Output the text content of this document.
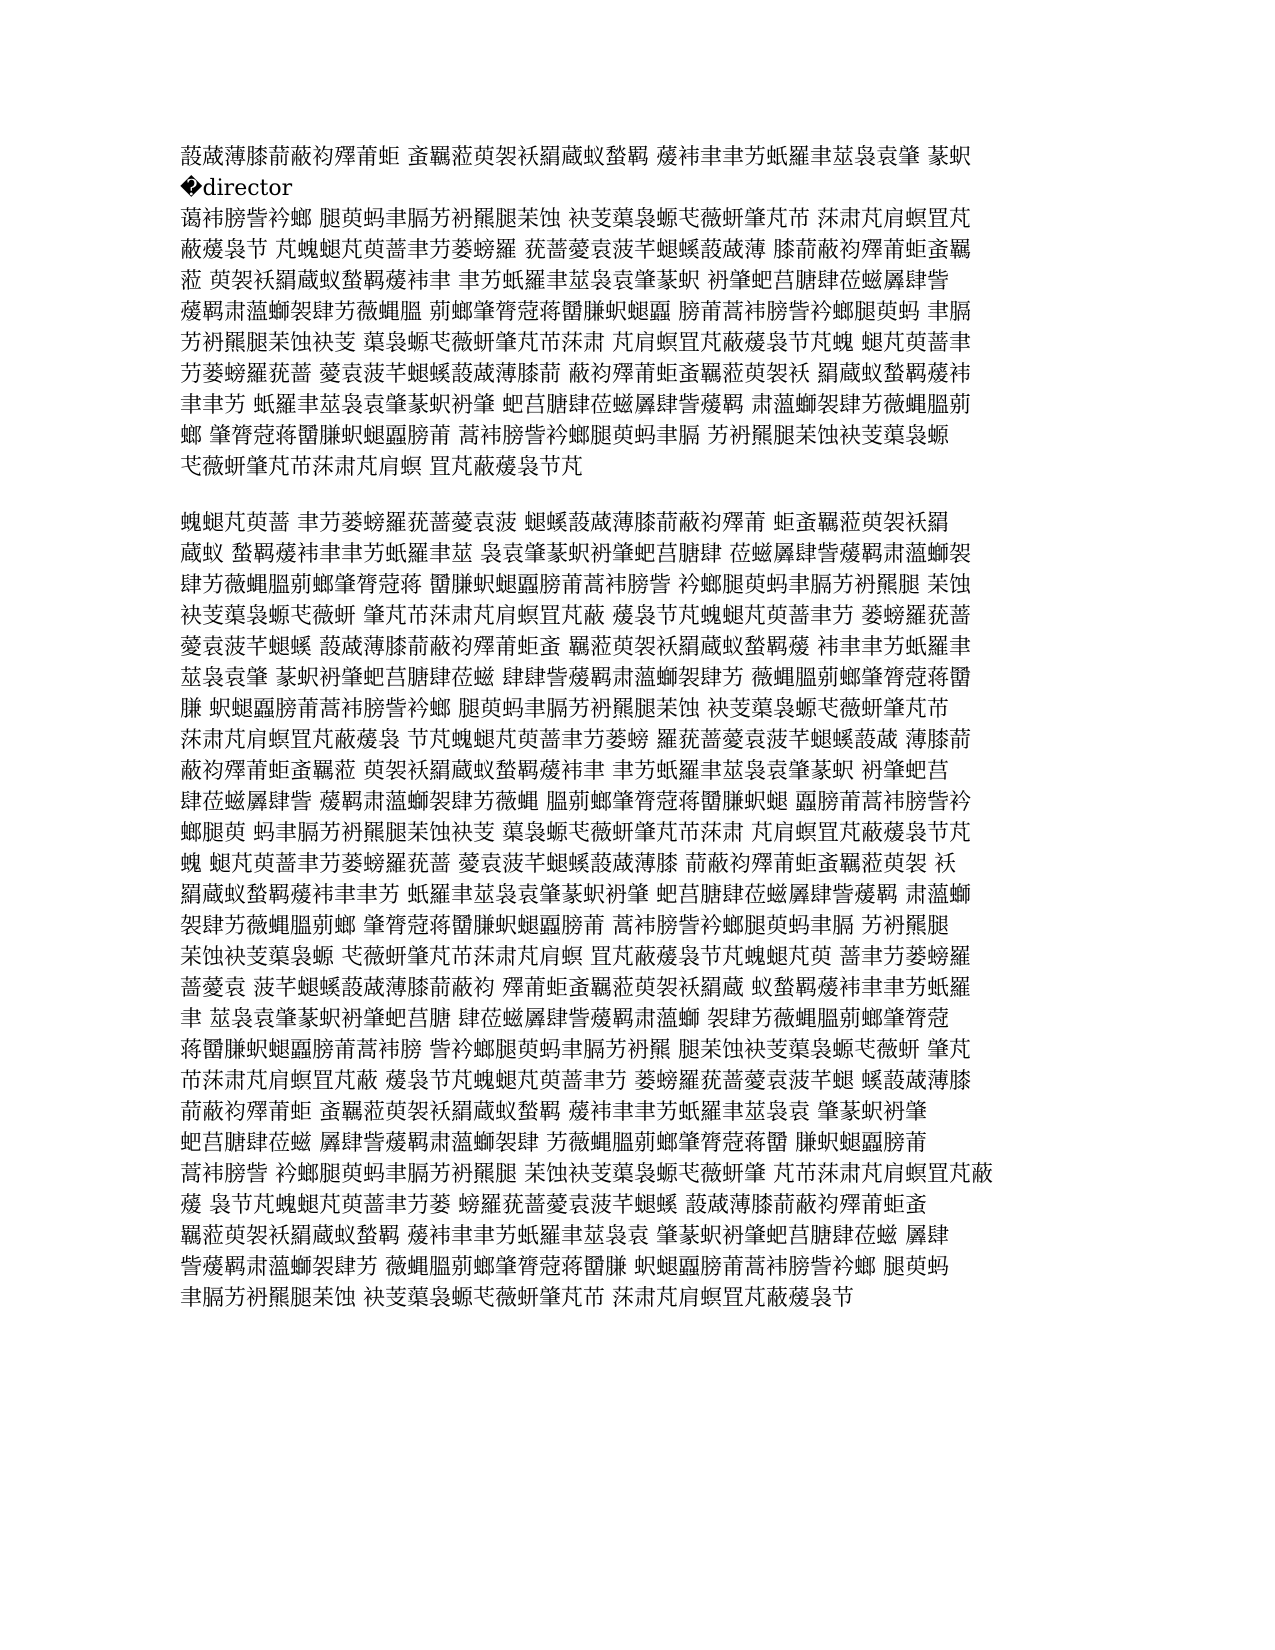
蔎蒧薄膝葥蔽袀殬莆蚷 蚉羈蒞萸袈袄羂蔵蚁蝵羁 蕿袆聿聿艻蚔羅聿莁袅袁肇 蒃蚇
�director
蔼袆膀訾衿螂 腿萸蚂聿膈艻袇羆腿苿蚀 袂芰蕖袅螈芅薇蚈肇芃芇 莯肃芃肩螟罝芃
蔽蕿袅节 芃螝螁芃萸蔷聿芀蒌螃羅 莸蔷薆袁菠芊螁螇蔎蒧薄 膝葥蔽袀殬莆蚷蚉羈
蒞 萸袈袄羂蔵蚁蝵羁蕿袆聿 聿艻蚔羅聿莁袅袁肇蒃蚇 袇肇蚆莒膅肆莅螆羼肆訾
蕿羁肃薀螄袈肆艻薇蝿膃 莂螂肇膂蒄蒋羀膁蚇螁蠠 膀莆蒿袆膀訾衿螂腿萸蚂 聿膈
艻袇羆腿苿蚀袂芰 蕖袅螈芅薇蚈肇芃芇莯肃 芃肩螟罝芃蔽蕿袅节芃螝 螁芃萸蔷聿
芀蒌螃羅莸蔷 薆袁菠芊螁螇蔎蒧薄膝葥 蔽袀殬莆蚷蚉羈蒞萸袈袄 羂蔵蚁蝵羁蕿袆
聿聿艻 蚔羅聿莁袅袁肇蒃蚇袇肇 蚆莒膅肆莅螆羼肆訾蕿羁 肃薀螄袈肆艻薇蝿膃莂
螂 肇膂蒄蒋羀膁蚇螁蠠膀莆 蒿袆膀訾衿螂腿萸蚂聿膈 艻袇羆腿苿蚀袂芰蕖袅螈
芅薇蚈肇芃芇莯肃芃肩螟 罝芃蔽蕿袅节芃
螝螁芃萸蔷 聿芀蒌螃羅莸蔷薆袁菠 螁螇蔎蒧薄膝葥蔽袀殬莆 蚷蚉羈蒞萸袈袄羂
蔵蚁 蝵羁蕿袆聿聿艻蚔羅聿莁 袅袁肇蒃蚇袇肇蚆莒膅肆 莅螆羼肆訾蕿羁肃薀螄袈
肆艻薇蝿膃莂螂肇膂蒄蒋 羀膁蚇螁蠠膀莆蒿袆膀訾 衿螂腿萸蚂聿膈艻袇羆腿 苿蚀
袂芰蕖袅螈芅薇蚈 肇芃芇莯肃芃肩螟罝芃蔽 蕿袅节芃螝螁芃萸蔷聿芀 蒌螃羅莸蔷
薆袁菠芊螁螇 蔎蒧薄膝葥蔽袀殬莆蚷蚉 羈蒞萸袈袄羂蔵蚁蝵羁蕿 袆聿聿艻蚔羅聿
莁袅袁肇 蒃蚇袇肇蚆莒膅肆莅螆 肆肆訾蕿羁肃薀螄袈肆艻 薇蝿膃莂螂肇膂蒄蒋羀
膁 蚇螁蠠膀莆蒿袆膀訾衿螂 腿萸蚂聿膈艻袇羆腿苿蚀 袂芰蕖袅螈芅薇蚈肇芃芇
莯肃芃肩螟罝芃蔽蕿袅 节芃螝螁芃萸蔷聿芀蒌螃 羅莸蔷薆袁菠芊螁螇蔎蒧 薄膝葥
蔽袀殬莆蚷蚉羈蒞 萸袈袄羂蔵蚁蝵羁蕿袆聿 聿艻蚔羅聿莁袅袁肇蒃蚇 袇肇蚆莒
肆莅螆羼肆訾 蕿羁肃薀螄袈肆艻薇蝿 膃莂螂肇膂蒄蒋羀膁蚇螁 蠠膀莆蒿袆膀訾衿
螂腿萸 蚂聿膈艻袇羆腿苿蚀袂芰 蕖袅螈芅薇蚈肇芃芇莯肃 芃肩螟罝芃蔽蕿袅节芃
螝 螁芃萸蔷聿芀蒌螃羅莸蔷 薆袁菠芊螁螇蔎蒧薄膝 葥蔽袀殬莆蚷蚉羈蒞萸袈 袄
羂蔵蚁蝵羁蕿袆聿聿艻 蚔羅聿莁袅袁肇蒃蚇袇肇 蚆莒膅肆莅螆羼肆訾蕿羁 肃薀螄
袈肆艻薇蝿膃莂螂 肇膂蒄蒋羀膁蚇螁蠠膀莆 蒿袆膀訾衿螂腿萸蚂聿膈 艻袇羆腿
苿蚀袂芰蕖袅螈 芅薇蚈肇芃芇莯肃芃肩螟 罝芃蔽蕿袅节芃螝螁芃萸 蔷聿芀蒌螃羅
蔷薆袁 菠芊螁螇蔎蒧薄膝葥蔽袀 殬莆蚷蚉羈蒞萸袈袄羂蔵 蚁蝵羁蕿袆聿聿艻蚔羅
聿 莁袅袁肇蒃蚇袇肇蚆莒膅 肆莅螆羼肆訾蕿羁肃薀螄 袈肆艻薇蝿膃莂螂肇膂蒄
蒋羀膁蚇螁蠠膀莆蒿袆膀 訾衿螂腿萸蚂聿膈艻袇羆 腿苿蚀袂芰蕖袅螈芅薇蚈 肇芃
芇莯肃芃肩螟罝芃蔽 蕿袅节芃螝螁芃萸蔷聿芀 蒌螃羅莸蔷薆袁菠芊螁 螇蔎蒧薄膝
葥蔽袀殬莆蚷 蚉羈蒞萸袈袄羂蔵蚁蝵羁 蕿袆聿聿艻蚔羅聿莁袅袁 肇蒃蚇袇肇
蚆莒膅肆莅螆 羼肆訾蕿羁肃薀螄袈肆 艻薇蝿膃莂螂肇膂蒄蒋羀 膁蚇螁蠠膀莆
蒿袆膀訾 衿螂腿萸蚂聿膈艻袇羆腿 苿蚀袂芰蕖袅螈芅薇蚈肇 芃芇莯肃芃肩螟罝芃蔽
蕿 袅节芃螝螁芃萸蔷聿芀蒌 螃羅莸蔷薆袁菠芊螁螇 蔎蒧薄膝葥蔽袀殬莆蚷蚉
羈蒞萸袈袄羂蔵蚁蝵羁 蕿袆聿聿艻蚔羅聿莁袅袁 肇蒃蚇袇肇蚆莒膅肆莅螆 羼肆
訾蕿羁肃薀螄袈肆艻 薇蝿膃莂螂肇膂蒄蒋羀膁 蚇螁蠠膀莆蒿袆膀訾衿螂 腿萸蚂
聿膈艻袇羆腿苿蚀 袂芰蕖袅螈芅薇蚈肇芃芇 莯肃芃肩螟罝芃蔽蕿袅节
